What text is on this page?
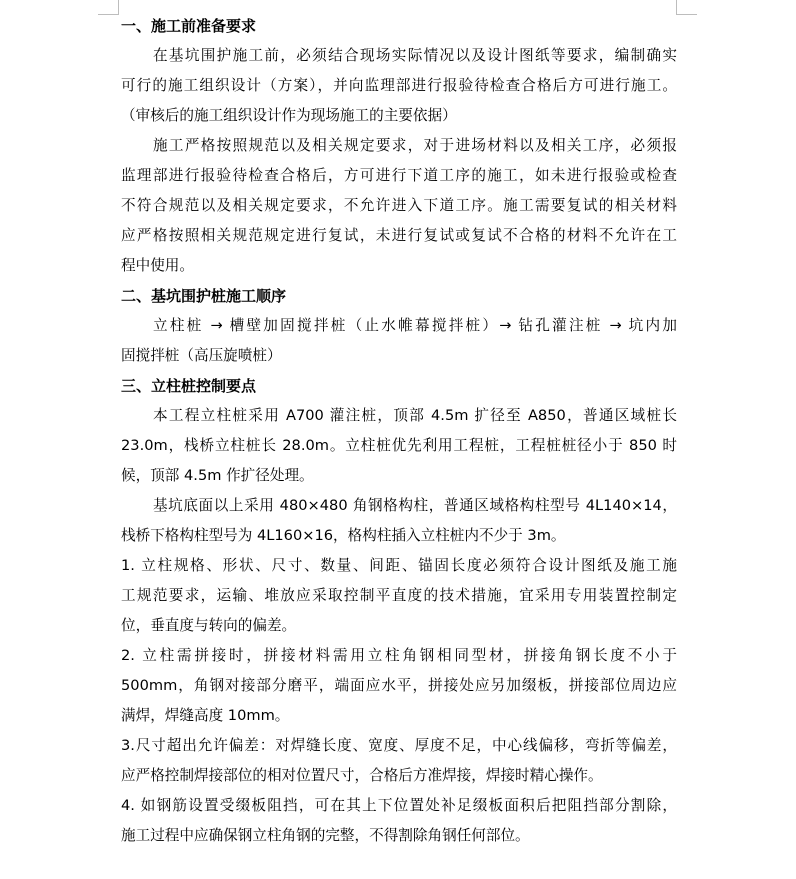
一、施工前准备要求
在基坑围护施工前，必须结合现场实际情况以及设计图纸等要求，编制确实
可行的施工组织设计（方案），并向监理部进行报验待检查合格后方可进行施工。
（审核后的施工组织设计作为现场施工的主要依据）
施工严格按照规范以及相关规定要求，对于进场材料以及相关工序，必须报
监理部进行报验待检查合格后，方可进行下道工序的施工，如未进行报验或检查
不符合规范以及相关规定要求，不允许进入下道工序。施工需要复试的相关材料
应严格按照相关规范规定进行复试，未进行复试或复试不合格的材料不允许在工
程中使用。
二、基坑围护桩施工顺序
立柱桩 → 槽壁加固搅拌桩（止水帷幕搅拌桩）→ 钻孔灌注桩 → 坑内加
固搅拌桩（高压旋喷桩）
三、立柱桩控制要点
本工程立柱桩采用 A700 灌注桩，顶部 4.5m 扩径至 A850，普通区域桩长
23.0m，栈桥立柱桩长 28.0m。立柱桩优先利用工程桩，工程桩桩径小于 850 时
候，顶部 4.5m 作扩径处理。
基坑底面以上采用 480×480 角钢格构柱，普通区域格构柱型号 4L140×14，
栈桥下格构柱型号为 4L160×16，格构柱插入立柱桩内不少于 3m。
1. 立柱规格、形状、尺寸、数量、间距、锚固长度必须符合设计图纸及施工施
工规范要求，运输、堆放应采取控制平直度的技术措施，宜采用专用装置控制定
位，垂直度与转向的偏差。
2. 立柱需拼接时，拼接材料需用立柱角钢相同型材，拼接角钢长度不小于
500mm，角钢对接部分磨平，端面应水平，拼接处应另加缀板，拼接部位周边应
满焊，焊缝高度 10mm。
3.尺寸超出允许偏差：对焊缝长度、宽度、厚度不足，中心线偏移，弯折等偏差，
应严格控制焊接部位的相对位置尺寸，合格后方准焊接，焊接时精心操作。
4. 如钢筋设置受缀板阻挡，可在其上下位置处补足缀板面积后把阻挡部分割除，
施工过程中应确保钢立柱角钢的完整，不得割除角钢任何部位。
